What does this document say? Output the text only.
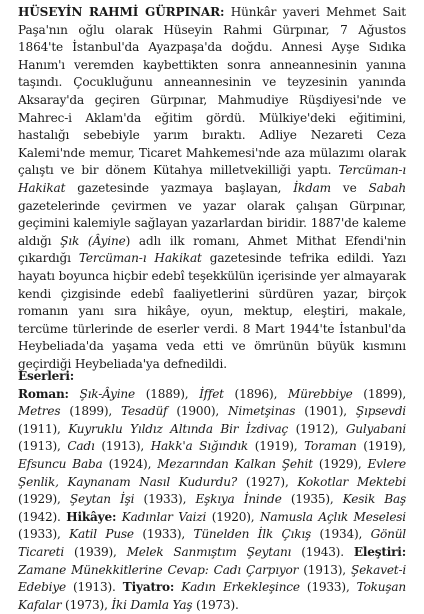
HÜSEYİN RAHMİ GÜRPINAR: Hünkâr yaveri Mehmet Sait Paşa'nın oğlu olarak Hüseyin Rahmi Gürpınar, 7 Ağustos 1864'te İstanbul'da Ayazpaşa'da doğdu. Annesi Ayşe Sıdıka Hanım'ı veremden kaybettikten sonra anneannesinin yanına taşındı. Çocukluğunu anneannesinin ve teyzesinin yanında Aksaray'da geçiren Gürpınar, Mahmudiye Rüşdiyesi'nde ve Mahrec-i Aklam'da eğitim gördü. Mülkiye'deki eğitimini, hastalığı sebebiyle yarım bıraktı. Adliye Nezareti Ceza Kalemi'nde memur, Ticaret Mahkemesi'nde aza mülazımı olarak çalıştı ve bir dönem Kütahya milletvekilliği yaptı. Tercüman-ı Hakikat gazetesinde yazmaya başlayan, İkdam ve Sabah gazetelerinde çevirmen ve yazar olarak çalışan Gürpınar, geçimini kalemiyle sağlayan yazarlardan biridir. 1887'de kaleme aldığı Şık (Âyine) adlı ilk romanı, Ahmet Mithat Efendi'nin çıkardığı Tercüman-ı Hakikat gazetesinde tefrika edildi. Yazı hayatı boyunca hiçbir edebî teşekkülün içerisinde yer almayarak kendi çizgisinde edebî faaliyetlerini sürdüren yazar, birçok romanın yanı sıra hikâye, oyun, mektup, eleştiri, makale, tercüme türlerinde de eserler verdi. 8 Mart 1944'te İstanbul'da Heybeliada'da yaşama veda etti ve ömrünün büyük kısmını geçirdiği Heybeliada'ya defnedildi.

Eserleri:

Roman: Şık-Âyine (1889), İffet (1896), Mürebbiye (1899), Metres (1899), Tesadüf (1900), Nimetşinas (1901), Şıpsevdi (1911), Kuyruklu Yıldız Altında Bir İzdivaç (1912), Gulyabani (1913), Cadı (1913), Hakk'a Sığındık (1919), Toraman (1919), Efsuncu Baba (1924), Mezarından Kalkan Şehit (1929), Evlere Şenlik, Kaynanam Nasıl Kudurdu? (1927), Kokotlar Mektebi (1929), Şeytan İşi (1933), Eşkıya İninde (1935), Kesik Baş (1942). Hikâye: Kadınlar Vaizi (1920), Namusla Açlık Meselesi (1933), Katil Puse (1933), Tünelden İlk Çıkış (1934), Gönül Ticareti (1939), Melek Sanmıştım Şeytanı (1943). Eleştiri: Zamane Münekkitlerine Cevap: Cadı Çarpıyor (1913), Şekavet-i Edebiye (1913). Tiyatro: Kadın Erkekleşince (1933), Tokuşan Kafalar (1973), İki Damla Yaş (1973).
